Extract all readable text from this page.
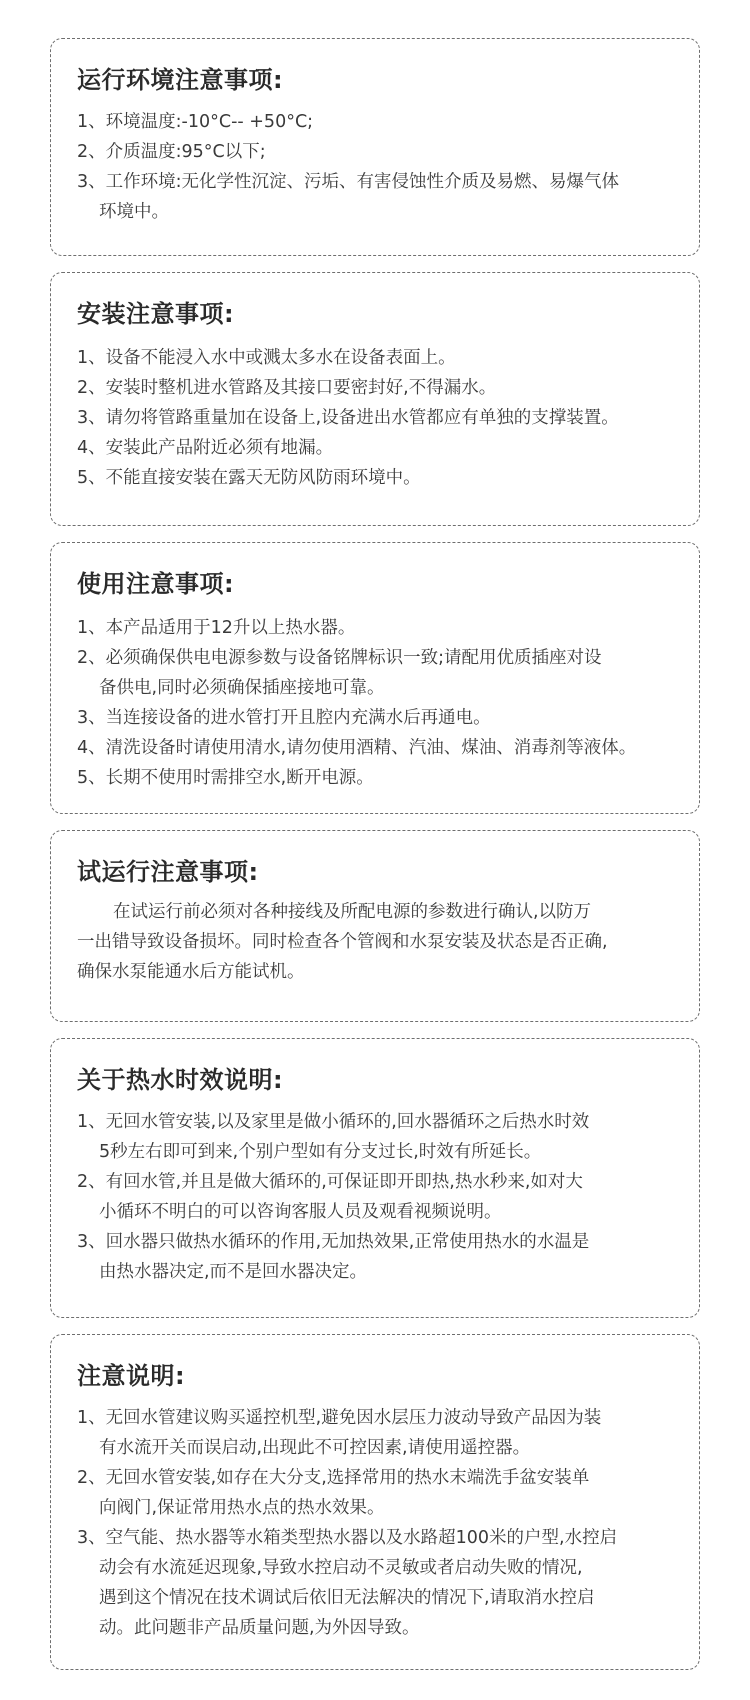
运行环境注意事项:
1、环境温度:-10°C-- +50°C;
2、介质温度:95°C以下;
3、工作环境:无化学性沉淀、污垢、有害侵蚀性介质及易燃、易爆气体
环境中。
安装注意事项:
1、设备不能浸入水中或溅太多水在设备表面上。
2、安装时整机进水管路及其接口要密封好,不得漏水。
3、请勿将管路重量加在设备上,设备进出水管都应有单独的支撑装置。
4、安装此产品附近必须有地漏。
5、不能直接安装在露天无防风防雨环境中。
使用注意事项:
1、本产品适用于12升以上热水器。
2、必须确保供电电源参数与设备铭牌标识一致;请配用优质插座对设
备供电,同时必须确保插座接地可靠。
3、当连接设备的进水管打开且腔内充满水后再通电。
4、清洗设备时请使用清水,请勿使用酒精、汽油、煤油、消毒剂等液体。
5、长期不使用时需排空水,断开电源。
试运行注意事项:
在试运行前必须对各种接线及所配电源的参数进行确认,以防万
一出错导致设备损坏。同时检查各个管阀和水泵安装及状态是否正确,
确保水泵能通水后方能试机。
关于热水时效说明:
1、无回水管安装,以及家里是做小循环的,回水器循环之后热水时效
5秒左右即可到来,个别户型如有分支过长,时效有所延长。
2、有回水管,并且是做大循环的,可保证即开即热,热水秒来,如对大
小循环不明白的可以咨询客服人员及观看视频说明。
3、回水器只做热水循环的作用,无加热效果,正常使用热水的水温是
由热水器决定,而不是回水器决定。
注意说明:
1、无回水管建议购买遥控机型,避免因水层压力波动导致产品因为装
有水流开关而误启动,出现此不可控因素,请使用遥控器。
2、无回水管安装,如存在大分支,选择常用的热水末端洗手盆安装单
向阀门,保证常用热水点的热水效果。
3、空气能、热水器等水箱类型热水器以及水路超100米的户型,水控启
动会有水流延迟现象,导致水控启动不灵敏或者启动失败的情况,
遇到这个情况在技术调试后依旧无法解决的情况下,请取消水控启
动。此问题非产品质量问题,为外因导致。
